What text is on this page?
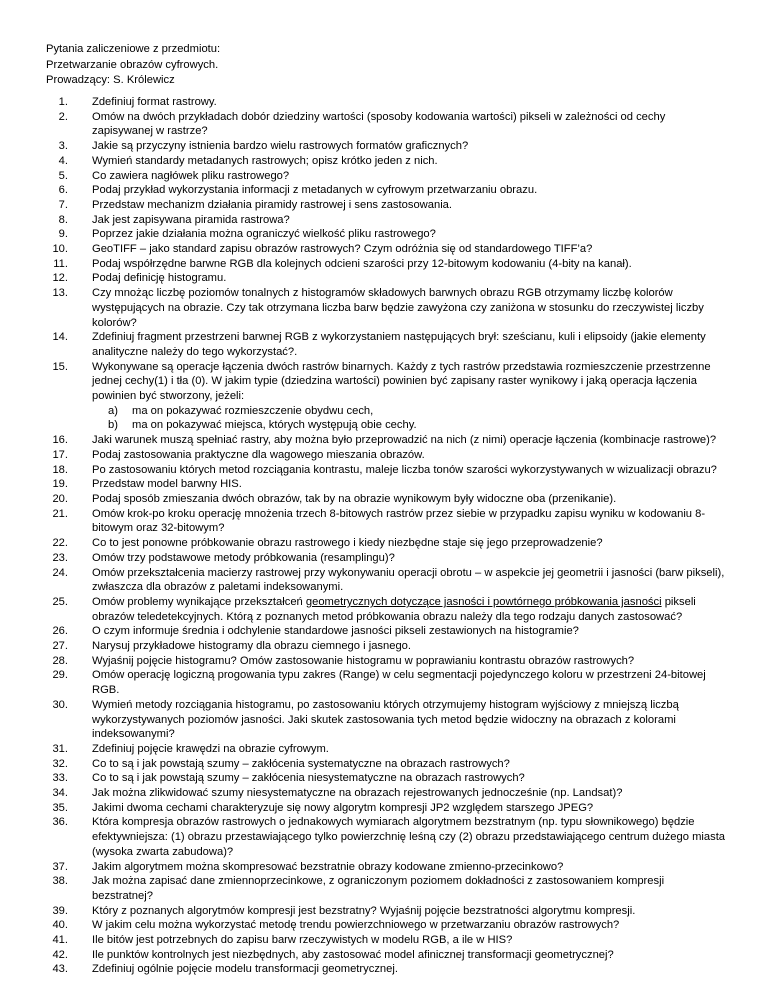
Pytania zaliczeniowe z przedmiotu:
Przetwarzanie obrazów cyfrowych.
Prowadzący: S. Królewicz
1. Zdefiniuj format rastrowy.
2. Omów na dwóch przykładach dobór dziedziny wartości (sposoby kodowania wartości) pikseli w zależności od cechy zapisywanej w rastrze?
3. Jakie są przyczyny istnienia bardzo wielu rastrowych formatów graficznych?
4. Wymień standardy metadanych rastrowych; opisz krótko jeden z nich.
5. Co zawiera nagłówek pliku rastrowego?
6. Podaj przykład wykorzystania informacji z metadanych w cyfrowym przetwarzaniu obrazu.
7. Przedstaw mechanizm działania piramidy rastrowej i sens zastosowania.
8. Jak jest zapisywana piramida rastrowa?
9. Poprzez jakie działania można ograniczyć wielkość pliku rastrowego?
10. GeoTIFF – jako standard zapisu obrazów rastrowych? Czym odróżnia się od standardowego TIFF’a?
11. Podaj współrzędne barwne RGB dla kolejnych odcieni szarości przy 12-bitowym kodowaniu (4-bity na kanał).
12. Podaj definicję histogramu.
13. Czy mnożąc liczbę poziomów tonalnych z histogramów składowych barwnych obrazu RGB otrzymamy liczbę kolorów występujących na obrazie. Czy tak otrzymana liczba barw będzie zawyżona czy zaniżona w stosunku do rzeczywistej liczby kolorów?
14. Zdefiniuj fragment przestrzeni barwnej RGB z wykorzystaniem następujących brył: sześcianu, kuli i elipsoidy (jakie elementy analityczne należy do tego wykorzystać?.
15. Wykonywane są operacje łączenia dwóch rastrów binarnych. Każdy z tych rastrów przedstawia rozmieszczenie przestrzenne jednej cechy(1) i tła (0). W jakim typie (dziedzina wartości) powinien być zapisany raster wynikowy i jaką operacja łączenia powinien być stworzony, jeżeli:
a) ma on pokazywać rozmieszczenie obydwu cech,
b) ma on pokazywać miejsca, których występują obie cechy.
16. Jaki warunek muszą spełniać rastry, aby można było przeprowadzić na nich (z nimi) operacje łączenia (kombinacje rastrowe)?
17. Podaj zastosowania praktyczne dla wagowego mieszania obrazów.
18. Po zastosowaniu których metod rozciągania kontrastu, maleje liczba tonów szarości wykorzystywanych w wizualizacji obrazu?
19. Przedstaw model barwny HIS.
20. Podaj sposób zmieszania dwóch obrazów, tak by na obrazie wynikowym były widoczne oba (przenikanie).
21. Omów krok-po kroku operację mnożenia trzech 8-bitowych rastrów przez siebie w przypadku zapisu wyniku w kodowaniu 8-bitowym oraz 32-bitowym?
22. Co to jest ponowne próbkowanie obrazu rastrowego i kiedy niezbędne staje się jego przeprowadzenie?
23. Omów trzy podstawowe metody próbkowania (resamplingu)?
24. Omów przekształcenia macierzy rastrowej przy wykonywaniu operacji obrotu – w aspekcie jej geometrii i jasności (barw pikseli), zwłaszcza dla obrazów z paletami indeksowanymi.
25. Omów problemy wynikające przekształceń geometrycznych dotyczące jasności i powtórnego próbkowania jasności pikseli obrazów teledetekcyjnych. Którą z poznanych metod próbkowania obrazu należy dla tego rodzaju danych zastosować?
26. O czym informuje średnia i odchylenie standardowe jasności pikseli zestawionych na histogramie?
27. Narysuj przykładowe histogramy dla obrazu ciemnego i jasnego.
28. Wyjaśnij pojęcie histogramu? Omów zastosowanie histogramu w poprawianiu kontrastu obrazów rastrowych?
29. Omów operację logiczną progowania typu zakres (Range) w celu segmentacji pojedynczego koloru w przestrzeni 24-bitowej RGB.
30. Wymień metody rozciągania histogramu, po zastosowaniu których otrzymujemy histogram wyjściowy z mniejszą liczbą wykorzystywanych poziomów jasności. Jaki skutek zastosowania tych metod będzie widoczny na obrazach z kolorami indeksowanymi?
31. Zdefiniuj pojęcie krawędzi na obrazie cyfrowym.
32. Co to są i jak powstają szumy – zakłócenia systematyczne na obrazach rastrowych?
33. Co to są i jak powstają szumy – zakłócenia niesystematyczne na obrazach rastrowych?
34. Jak można zlikwidować szumy niesystematyczne na obrazach rejestrowanych jednocześnie (np. Landsat)?
35. Jakimi dwoma cechami charakteryzuje się nowy algorytm kompresji JP2 względem starszego JPEG?
36. Która kompresja obrazów rastrowych o jednakowych wymiarach algorytmem bezstratnym (np. typu słownikowego) będzie efektywniejsza: (1) obrazu przestawiającego tylko powierzchnię leśną czy (2) obrazu przedstawiającego centrum dużego miasta (wysoka zwarta zabudowa)?
37. Jakim algorytmem można skompresować bezstratnie obrazy kodowane zmienno-przecinkowo?
38. Jak można zapisać dane zmiennoprzecinkowe, z ograniczonym poziomem dokładności z zastosowaniem kompresji bezstratnej?
39. Który z poznanych algorytmów kompresji jest bezstratny? Wyjaśnij pojęcie bezstratności algorytmu kompresji.
40. W jakim celu można wykorzystać metodę trendu powierzchniowego w przetwarzaniu obrazów rastrowych?
41. Ile bitów jest potrzebnych do zapisu barw rzeczywistych w modelu RGB, a ile w HIS?
42. Ile punktów kontrolnych jest niezbędnych, aby zastosować model afinicznej transformacji geometrycznej?
43. Zdefiniuj ogólnie pojęcie modelu transformacji geometrycznej.
